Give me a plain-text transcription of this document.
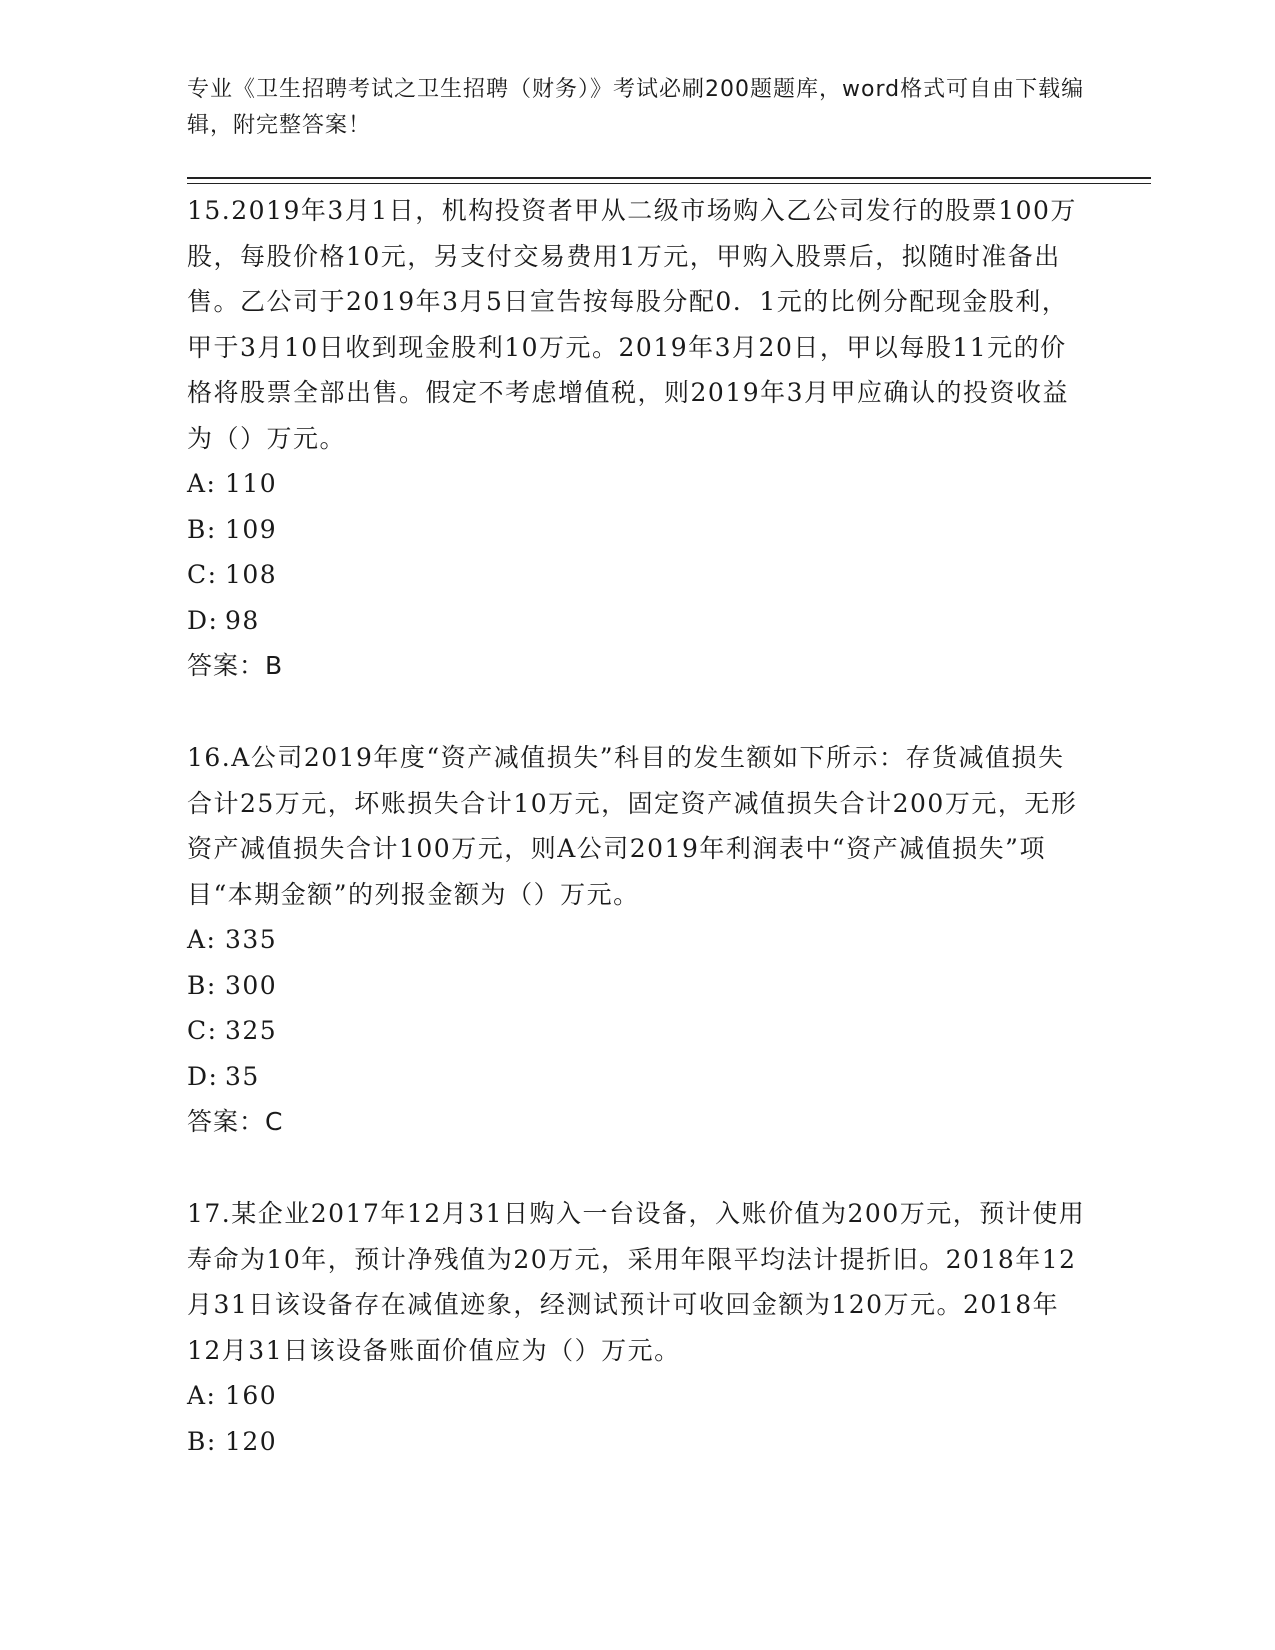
专业《卫生招聘考试之卫生招聘（财务）》考试必刷200题题库，word格式可自由下载编辑，附完整答案！
15.2019年3月1日，机构投资者甲从二级市场购入乙公司发行的股票100万股，每股价格10元，另支付交易费用1万元，甲购入股票后，拟随时准备出售。乙公司于2019年3月5日宣告按每股分配0．1元的比例分配现金股利，甲于3月10日收到现金股利10万元。2019年3月20日，甲以每股11元的价格将股票全部出售。假定不考虑增值税，则2019年3月甲应确认的投资收益为（）万元。
A: 110
B: 109
C: 108
D: 98
答案：B
16.A公司2019年度“资产减值损失”科目的发生额如下所示：存货减值损失合计25万元，坏账损失合计10万元，固定资产减值损失合计200万元，无形资产减值损失合计100万元，则A公司2019年利润表中“资产减值损失”项目“本期金额”的列报金额为（）万元。
A: 335
B: 300
C: 325
D: 35
答案：C
17.某企业2017年12月31日购入一台设备，入账价值为200万元，预计使用寿命为10年，预计净残值为20万元，采用年限平均法计提折旧。2018年12月31日该设备存在减值迹象，经测试预计可收回金额为120万元。2018年12月31日该设备账面价值应为（）万元。
A: 160
B: 120
